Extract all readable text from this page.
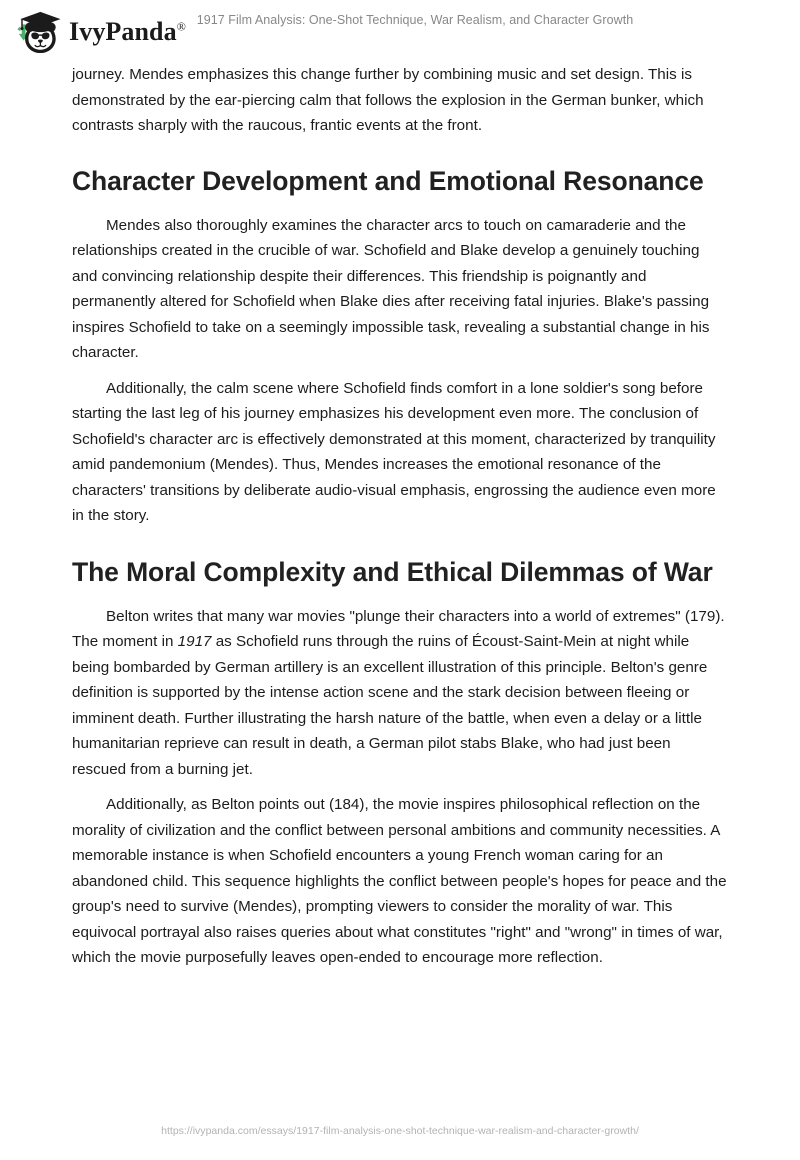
IvyPanda® 1917 Film Analysis: One-Shot Technique, War Realism, and Character Growth

journey. Mendes emphasizes this change further by combining music and set design. This is demonstrated by the ear-piercing calm that follows the explosion in the German bunker, which contrasts sharply with the raucous, frantic events at the front.

Character Development and Emotional Resonance

Mendes also thoroughly examines the character arcs to touch on camaraderie and the relationships created in the crucible of war. Schofield and Blake develop a genuinely touching and convincing relationship despite their differences. This friendship is poignantly and permanently altered for Schofield when Blake dies after receiving fatal injuries. Blake's passing inspires Schofield to take on a seemingly impossible task, revealing a substantial change in his character.

Additionally, the calm scene where Schofield finds comfort in a lone soldier's song before starting the last leg of his journey emphasizes his development even more. The conclusion of Schofield's character arc is effectively demonstrated at this moment, characterized by tranquility amid pandemonium (Mendes). Thus, Mendes increases the emotional resonance of the characters' transitions by deliberate audio-visual emphasis, engrossing the audience even more in the story.

The Moral Complexity and Ethical Dilemmas of War

Belton writes that many war movies "plunge their characters into a world of extremes" (179). The moment in 1917 as Schofield runs through the ruins of Écoust-Saint-Mein at night while being bombarded by German artillery is an excellent illustration of this principle. Belton's genre definition is supported by the intense action scene and the stark decision between fleeing or imminent death. Further illustrating the harsh nature of the battle, when even a delay or a little humanitarian reprieve can result in death, a German pilot stabs Blake, who had just been rescued from a burning jet.

Additionally, as Belton points out (184), the movie inspires philosophical reflection on the morality of civilization and the conflict between personal ambitions and community necessities. A memorable instance is when Schofield encounters a young French woman caring for an abandoned child. This sequence highlights the conflict between people's hopes for peace and the group's need to survive (Mendes), prompting viewers to consider the morality of war. This equivocal portrayal also raises queries about what constitutes "right" and "wrong" in times of war, which the movie purposefully leaves open-ended to encourage more reflection.

https://ivypanda.com/essays/1917-film-analysis-one-shot-technique-war-realism-and-character-growth/
